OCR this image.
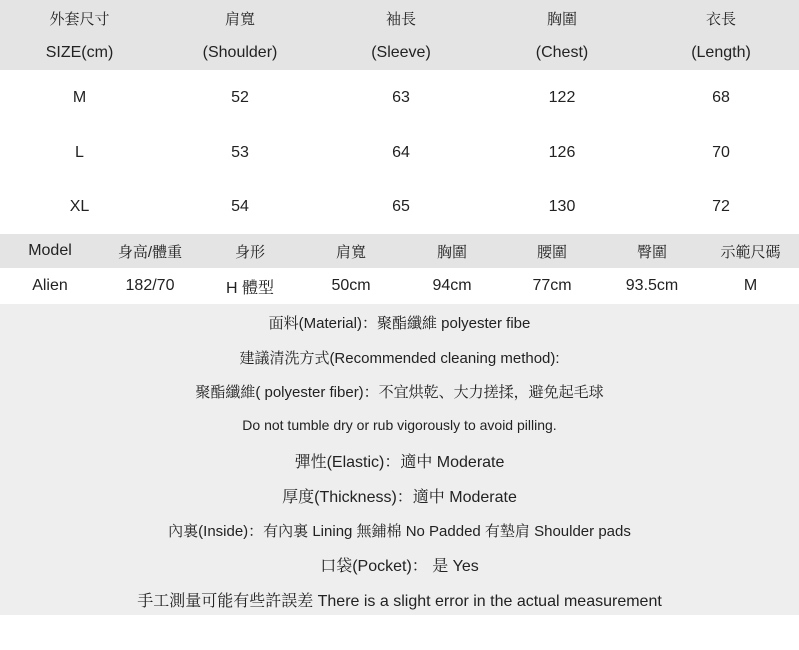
外套尺寸	肩寬	袖長	胸圍	衣長
SIZE(cm)	(Shoulder)	(Sleeve)	(Chest)	(Length)
M	52	63	122	68
L	53	64	126	70
XL	54	65	130	72
Model	身高/體重	身形	肩寬	胸圍	腰圍	臀圍	示範尺碼
Alien	182/70	H 體型	50cm	94cm	77cm	93.5cm	M
面料(Material)：聚酯纖維 polyester fibe
建議清洗方式(Recommended cleaning method):
聚酯纖維( polyester fiber)：不宜烘乾、大力搓揉，避免起毛球
Do not tumble dry or rub vigorously to avoid pilling.
彈性(Elastic)：適中 Moderate
厚度(Thickness)：適中 Moderate
內裏(Inside)：有內裏 Lining 無鋪棉 No Padded 有墊肩 Shoulder pads
口袋(Pocket)： 是 Yes
手工測量可能有些許誤差 There is a slight error in the actual measurement
